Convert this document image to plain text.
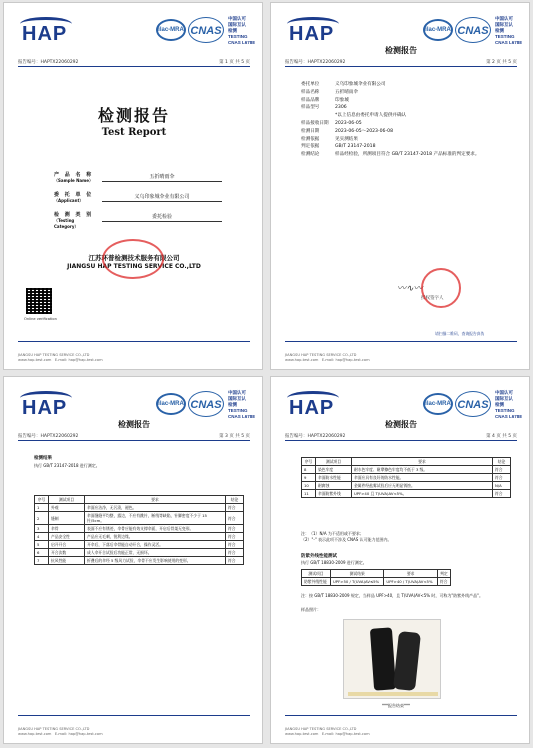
HAP	ilac-MRA CNAS
中国认可
国际互认
检测
TESTING
CNAS L6788
报告编号：HAPTX22060292	第 1 页 共 5 页
检测报告
Test Report
产 品 名 称
（Sample Name）
五折晴雨伞
委 托 单 位
（Applicant）
义乌印象城伞业有限公司
检 测 类 别
（Testing Category）
委托检验
江苏环普检测技术服务有限公司
JIANGSU HAP TESTING SERVICE CO.,LTD
Online verification
JIANGSU HAP TESTING SERVICE CO.,LTD
www.hap-test.com   E-mail: hap@hap-test.com
HAP	ilac-MRA CNAS
中国认可
国际互认
检测
TESTING
CNAS L6788
检测报告
报告编号：HAPTX22060292	第 2 页 共 5 页
委托单位	义乌印象城伞业有限公司
样品名称	五折晴雨伞
样品品牌	印象城
样品型号	2306
*以上信息由委托申请人提供并确认
样品接收日期	2023-06-05
检测日期	2023-06-05～2023-06-08
检测依据	见实测结果
判定依据	GB/T 23147-2018
检测结论	样品经检验，所测项目符合 GB/T 23147-2018 产品标准的判定要求。
〰∿〰
授权签字人
请扫描二维码，查询报告真伪
JIANGSU HAP TESTING SERVICE CO.,LTD
www.hap-test.com   E-mail: hap@hap-test.com
HAP	ilac-MRA CNAS
中国认可
国际互认
检测
TESTING
CNAS L6788
检测报告
报告编号：HAPTX22060292	第 3 页 共 5 页
检测结果
执行 GB/T 23147-2018 进行测定。
序号	测试项目	要求	结论
1	外观	伞面应洁净，无污渍，褪色。	符合
2	缝制	伞面缝缝平均整，露边，不应有跳针，断线等缺陷，针脚密度不少于 15 针/5cm。	符合
3	伞骨	表面不应有锈迹，伞骨应能有效支撑伞面，开启后骨架无变形。	符合
4	产品安全性	产品应无毛刺，锐利边缘。	符合
5	启开开合	开伞后，下落后伞骨能自动开合，操作灵活。	符合
6	开合次数	成人伞开合试验后功能正常，无损坏。	符合
7	抗风性能	折叠后的伞经 5 级风力试验，伞骨不应发生影响使用的变形。	符合
JIANGSU HAP TESTING SERVICE CO.,LTD
www.hap-test.com   E-mail: hap@hap-test.com
HAP	ilac-MRA CNAS
中国认可
国际互认
检测
TESTING
CNAS L6788
检测报告
报告编号：HAPTX22060292	第 4 页 共 5 页
序号	测试项目	要求	结论
8	染色牢度	耐水色牢度、耐摩擦色牢度均不低于 3 级。	符合
9	伞面防水性能	伞面应具有良好的防水性能。	符合
10	耐腐蚀	金属件经盐雾试验后应无明显锈蚀。	N/A
11	伞面防紫外线	UPF>40 且 T(UVA)AV<5%。	符合
注：（1）N/A 为不适用或不要求；
（2）"-" 表示此项不涉及 CNAS 认可能力范围内。
防紫外线性能测试
执行 GB/T 18830-2009 进行测定。
测试项目	测试结果	要求	判定
防紫外线性能	UPF>50 / T(UVA)AV≤5%	UPF>40 / T(UVA)AV<5%	符合
注：按 GB/T 18830-2009 规定，当样品 UPF>40，且 T(UVA)AV<5% 时，可称为"防紫外线产品"。
样品照片：
***报告结束***
JIANGSU HAP TESTING SERVICE CO.,LTD
www.hap-test.com   E-mail: hap@hap-test.com
